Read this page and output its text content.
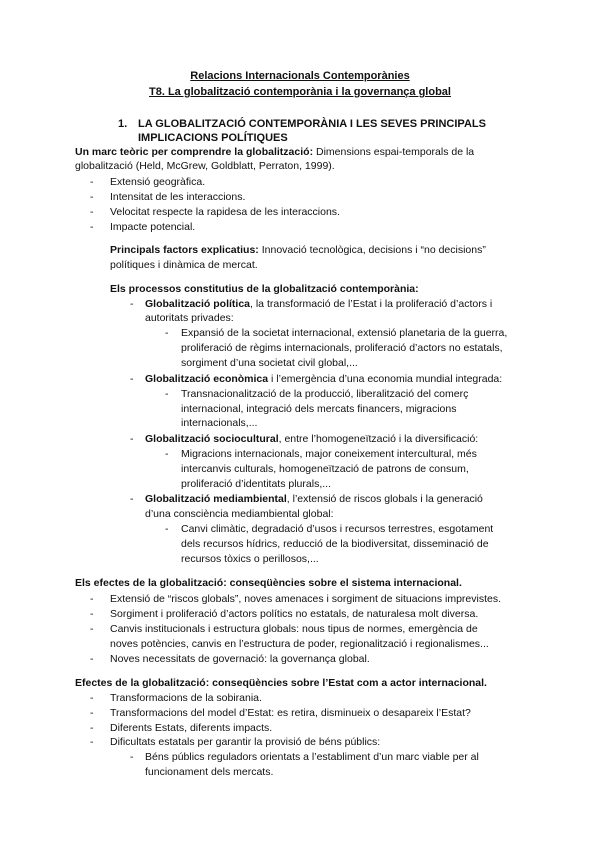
Relacions Internacionals Contemporànies
T8. La globalització contemporània i la governança global
1. LA GLOBALITZACIÓ CONTEMPORÀNIA I LES SEVES PRINCIPALS
IMPLICACIONS POLÍTIQUES
Un marc teòric per comprendre la globalització: Dimensions espai-temporals de la
globalització (Held, McGrew, Goldblatt, Perraton, 1999).
- Extensió geogràfica.
- Intensitat de les interaccions.
- Velocitat respecte la rapidesa de les interaccions.
- Impacte potencial.
Principals factors explicatius: Innovació tecnològica, decisions i “no decisions”
polítiques i dinàmica de mercat.
Els processos constitutius de la globalització contemporània:
- Globalització política, la transformació de l’Estat i la proliferació d’actors i
autoritats privades:
- Expansió de la societat internacional, extensió planetaria de la guerra,
proliferació de règims internacionals, proliferació d’actors no estatals,
sorgiment d’una societat civil global,...
- Globalització econòmica i l’emergència d’una economia mundial integrada:
- Transnacionalització de la producció, liberalització del comerç
internacional, integració dels mercats financers, migracions
internacionals,...
- Globalització sociocultural, entre l’homogeneïtzació i la diversificació:
- Migracions internacionals, major coneixement intercultural, més
intercanvis culturals, homogeneïtzació de patrons de consum,
proliferació d’identitats plurals,...
- Globalització mediambiental, l’extensió de riscos globals i la generació
d’una consciència mediambiental global:
- Canvi climàtic, degradació d’usos i recursos terrestres, esgotament
dels recursos hídrics, reducció de la biodiversitat, disseminació de
recursos tòxics o perillosos,...
Els efectes de la globalització: conseqüències sobre el sistema internacional.
- Extensió de “riscos globals”, noves amenaces i sorgiment de situacions imprevistes.
- Sorgiment i proliferació d’actors polítics no estatals, de naturalesa molt diversa.
- Canvis institucionals i estructura globals: nous tipus de normes, emergència de
noves potències, canvis en l’estructura de poder, regionalització i regionalismes...
- Noves necessitats de governació: la governança global.
Efectes de la globalització: conseqüències sobre l’Estat com a actor internacional.
- Transformacions de la sobirania.
- Transformacions del model d’Estat: es retira, disminueix o desapareix l’Estat?
- Diferents Estats, diferents impacts.
- Dificultats estatals per garantir la provisió de béns públics:
- Béns públics reguladors orientats a l’establiment d’un marc viable per al
funcionament dels mercats.
